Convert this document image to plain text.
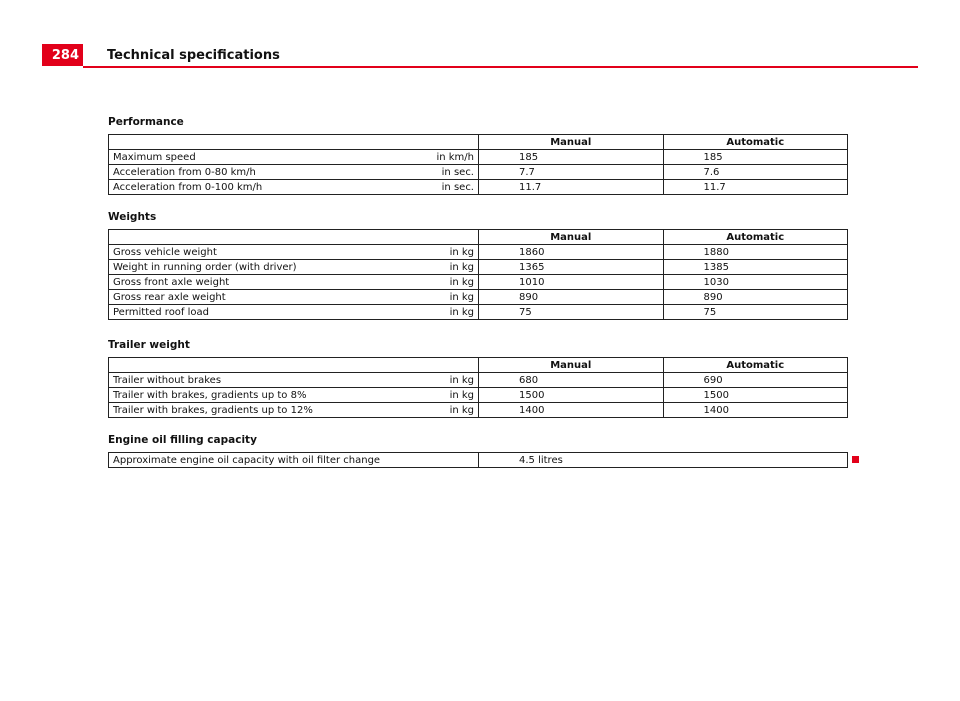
284	Technical specifications
Performance
	Manual	Automatic
Maximum speed in km/h	185	185
Acceleration from 0-80 km/h in sec.	7.7	7.6
Acceleration from 0-100 km/h in sec.	11.7	11.7
Weights
	Manual	Automatic
Gross vehicle weight in kg	1860	1880
Weight in running order (with driver) in kg	1365	1385
Gross front axle weight in kg	1010	1030
Gross rear axle weight in kg	890	890
Permitted roof load in kg	75	75
Trailer weight
	Manual	Automatic
Trailer without brakes in kg	680	690
Trailer with brakes, gradients up to 8% in kg	1500	1500
Trailer with brakes, gradients up to 12% in kg	1400	1400
Engine oil filling capacity
Approximate engine oil capacity with oil filter change	4.5 litres
